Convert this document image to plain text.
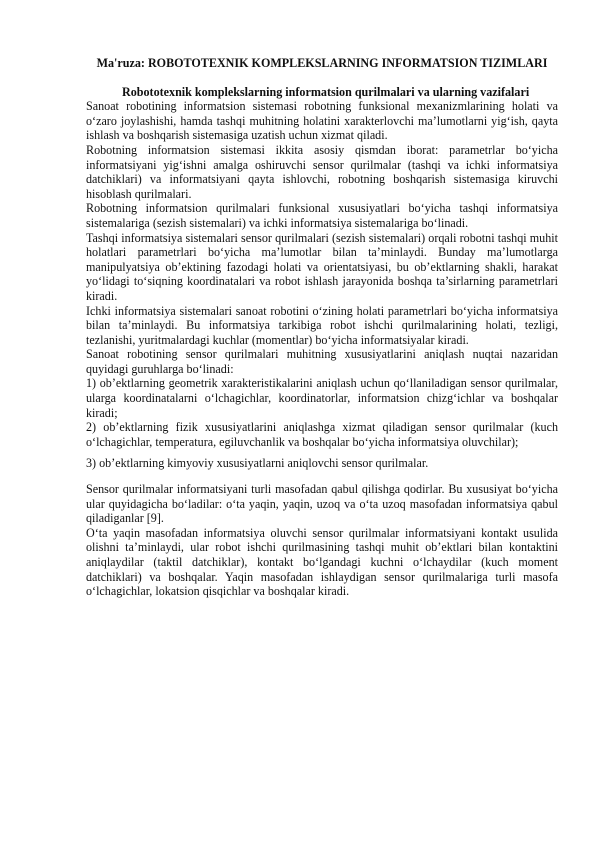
Ma'ruza: ROBOTOTEXNIK KOMPLEKSLARNING INFORMATSION TIZIMLARI

Robototexnik komplekslarning informatsion qurilmalari va ularning vazifalari

Sanoat robotining informatsion sistemasi robotning funksional mexanizmlarining holati va o‘zaro joylashishi, hamda tashqi muhitning holatini xarakterlovchi ma’lumotlarni yig‘ish, qayta ishlash va boshqarish sistemasiga uzatish uchun xizmat qiladi.

Robotning informatsion sistemasi ikkita asosiy qismdan iborat: parametrlar bo‘yicha informatsiyani yig‘ishni amalga oshiruvchi sensor qurilmalar (tashqi va ichki informatsiya datchiklari) va informatsiyani qayta ishlovchi, robotning boshqarish sistemasiga kiruvchi hisoblash qurilmalari.

Robotning informatsion qurilmalari funksional xususiyatlari bo‘yicha tashqi informatsiya sistemalariga (sezish sistemalari) va ichki informatsiya sistemalariga bo‘linadi.

Tashqi informatsiya sistemalari sensor qurilmalari (sezish sistemalari) orqali robotni tashqi muhit holatlari parametrlari bo‘yicha ma’lumotlar bilan ta’minlaydi. Bunday ma’lumotlarga manipulyatsiya ob’ektining fazodagi holati va orientatsiyasi, bu ob’ektlarning shakli, harakat yo‘lidagi to‘siqning koordinatalari va robot ishlash jarayonida boshqa ta’sirlarning parametrlari kiradi.

Ichki informatsiya sistemalari sanoat robotini o‘zining holati parametrlari bo‘yicha informatsiya bilan ta’minlaydi. Bu informatsiya tarkibiga robot ishchi qurilmalarining holati, tezligi, tezlanishi, yuritmalardagi kuchlar (momentlar) bo‘yicha informatsiyalar kiradi.

Sanoat robotining sensor qurilmalari muhitning xususiyatlarini aniqlash nuqtai nazaridan quyidagi guruhlarga bo‘linadi:

1) ob’ektlarning geometrik xarakteristikalarini aniqlash uchun qo‘llaniladigan sensor qurilmalar, ularga koordinatalarni o‘lchagichlar, koordinatorlar, informatsion chizg‘ichlar va boshqalar kiradi;

2) ob’ektlarning fizik xususiyatlarini aniqlashga xizmat qiladigan sensor qurilmalar (kuch o‘lchagichlar, temperatura, egiluvchanlik va boshqalar bo‘yicha informatsiya oluvchilar);

3) ob’ektlarning kimyoviy xususiyatlarni aniqlovchi sensor qurilmalar.

Sensor qurilmalar informatsiyani turli masofadan qabul qilishga qodirlar. Bu xususiyat bo‘yicha ular quyidagicha bo‘ladilar: o‘ta yaqin, yaqin, uzoq va o‘ta uzoq masofadan informatsiya qabul qiladiganlar [9].

O‘ta yaqin masofadan informatsiya oluvchi sensor qurilmalar informatsiyani kontakt usulida olishni ta’minlaydi, ular robot ishchi qurilmasining tashqi muhit ob’ektlari bilan kontaktini aniqlaydilar (taktil datchiklar), kontakt bo‘lgandagi kuchni o‘lchaydilar (kuch moment datchiklari) va boshqalar. Yaqin masofadan ishlaydigan sensor qurilmalariga turli masofa o‘lchagichlar, lokatsion qisqichlar va boshqalar kiradi.
